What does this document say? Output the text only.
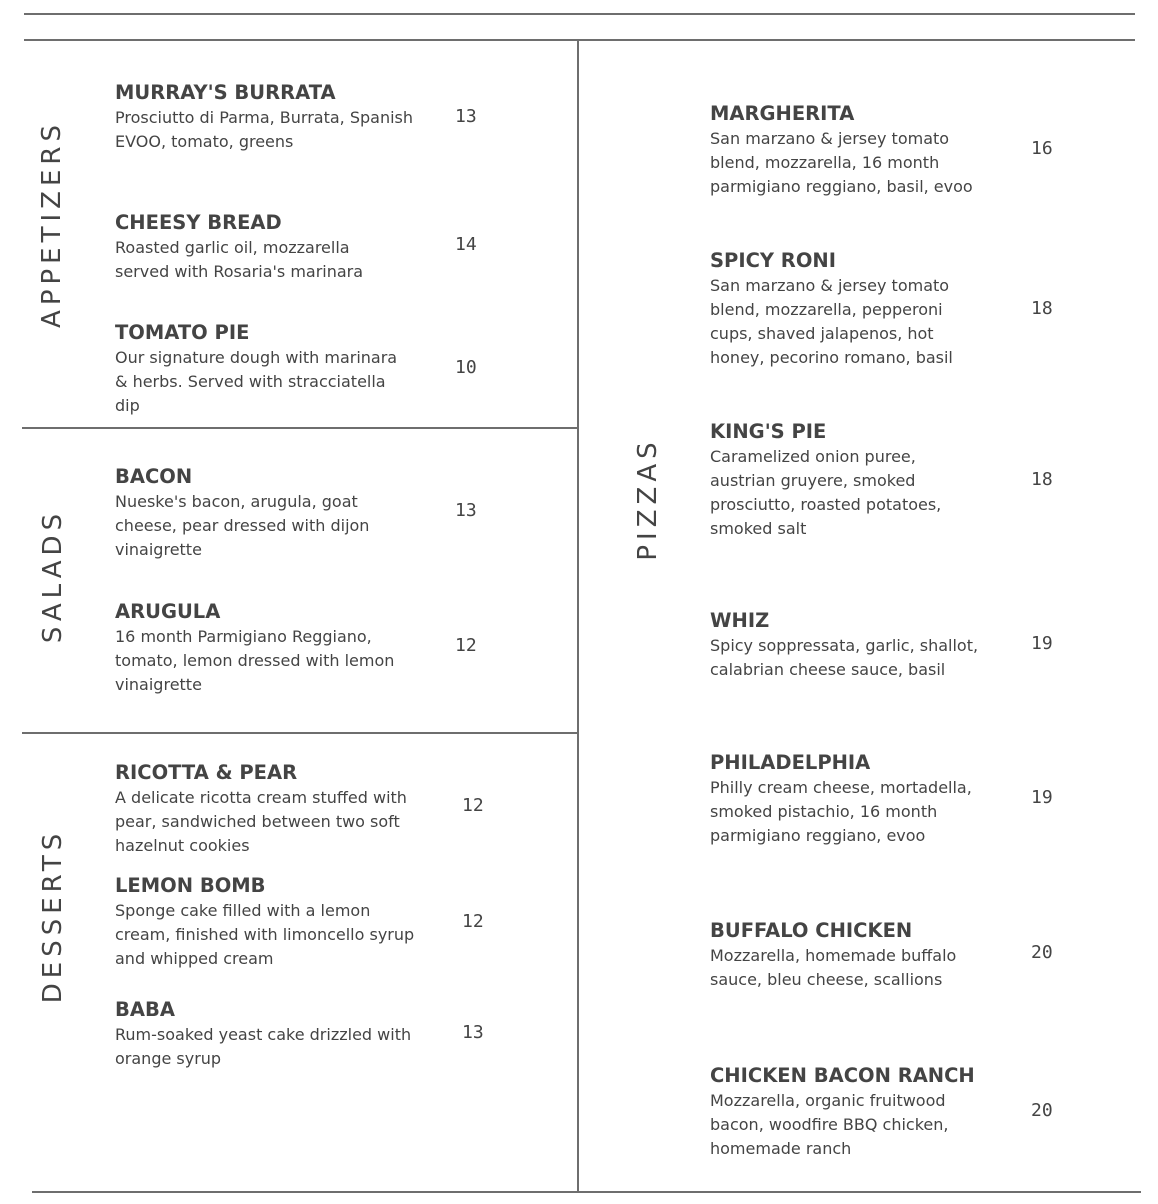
APPETIZERS
SALADS
DESSERTS
PIZZAS
MURRAY'S BURRATA
Prosciutto di Parma, Burrata, Spanish EVOO, tomato, greens
13
CHEESY BREAD
Roasted garlic oil, mozzarella served with Rosaria's marinara
14
TOMATO PIE
Our signature dough with marinara & herbs. Served with stracciatella dip
10
BACON
Nueske's bacon, arugula, goat cheese, pear dressed with dijon vinaigrette
13
ARUGULA
16 month Parmigiano Reggiano, tomato, lemon dressed with lemon vinaigrette
12
RICOTTA & PEAR
A delicate ricotta cream stuffed with pear, sandwiched between two soft hazelnut cookies
12
LEMON BOMB
Sponge cake filled with a lemon cream, finished with limoncello syrup and whipped cream
12
BABA
Rum-soaked yeast cake drizzled with orange syrup
13
MARGHERITA
San marzano & jersey tomato blend, mozzarella, 16 month parmigiano reggiano, basil, evoo
16
SPICY RONI
San marzano & jersey tomato blend, mozzarella, pepperoni cups, shaved jalapenos, hot honey, pecorino romano, basil
18
KING'S PIE
Caramelized onion puree, austrian gruyere, smoked prosciutto, roasted potatoes, smoked salt
18
WHIZ
Spicy soppressata, garlic, shallot, calabrian cheese sauce, basil
19
PHILADELPHIA
Philly cream cheese, mortadella, smoked pistachio, 16 month parmigiano reggiano, evoo
19
BUFFALO CHICKEN
Mozzarella, homemade buffalo sauce, bleu cheese, scallions
20
CHICKEN BACON RANCH
Mozzarella, organic fruitwood bacon, woodfire BBQ chicken, homemade ranch
20
